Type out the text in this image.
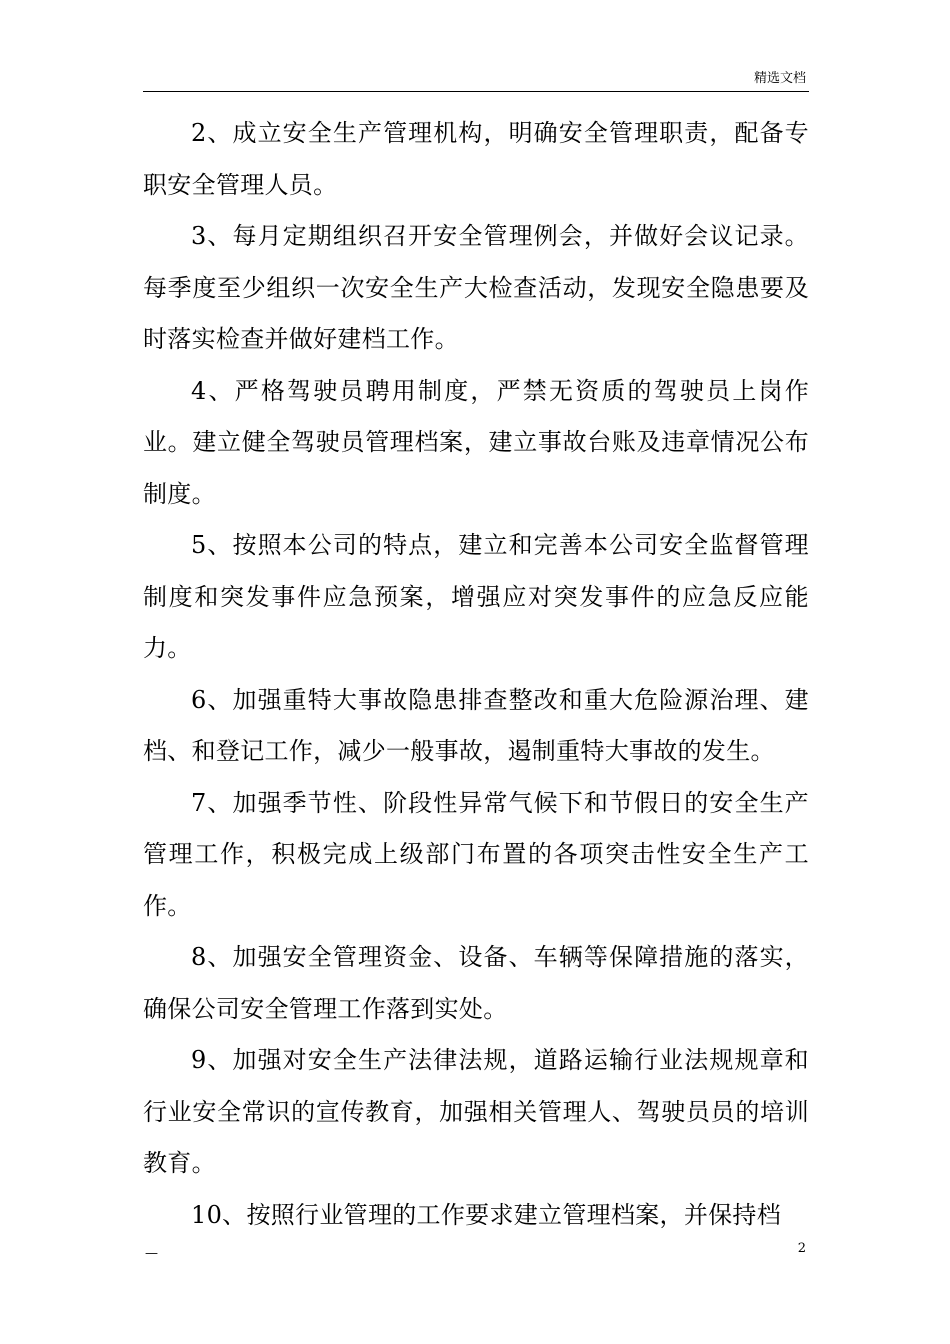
精选文档

2、成立安全生产管理机构，明确安全管理职责，配备专职安全管理人员。

3、每月定期组织召开安全管理例会，并做好会议记录。每季度至少组织一次安全生产大检查活动，发现安全隐患要及时落实检查并做好建档工作。

4、严格驾驶员聘用制度，严禁无资质的驾驶员上岗作业。建立健全驾驶员管理档案，建立事故台账及违章情况公布制度。

5、按照本公司的特点，建立和完善本公司安全监督管理制度和突发事件应急预案，增强应对突发事件的应急反应能力。

6、加强重特大事故隐患排查整改和重大危险源治理、建档、和登记工作，减少一般事故，遏制重特大事故的发生。

7、加强季节性、阶段性异常气候下和节假日的安全生产管理工作，积极完成上级部门布置的各项突击性安全生产工作。

8、加强安全管理资金、设备、车辆等保障措施的落实，确保公司安全管理工作落到实处。

9、加强对安全生产法律法规，道路运输行业法规规章和行业安全常识的宣传教育，加强相关管理人、驾驶员员的培训教育。

10、按照行业管理的工作要求建立管理档案，并保持档

—	2
